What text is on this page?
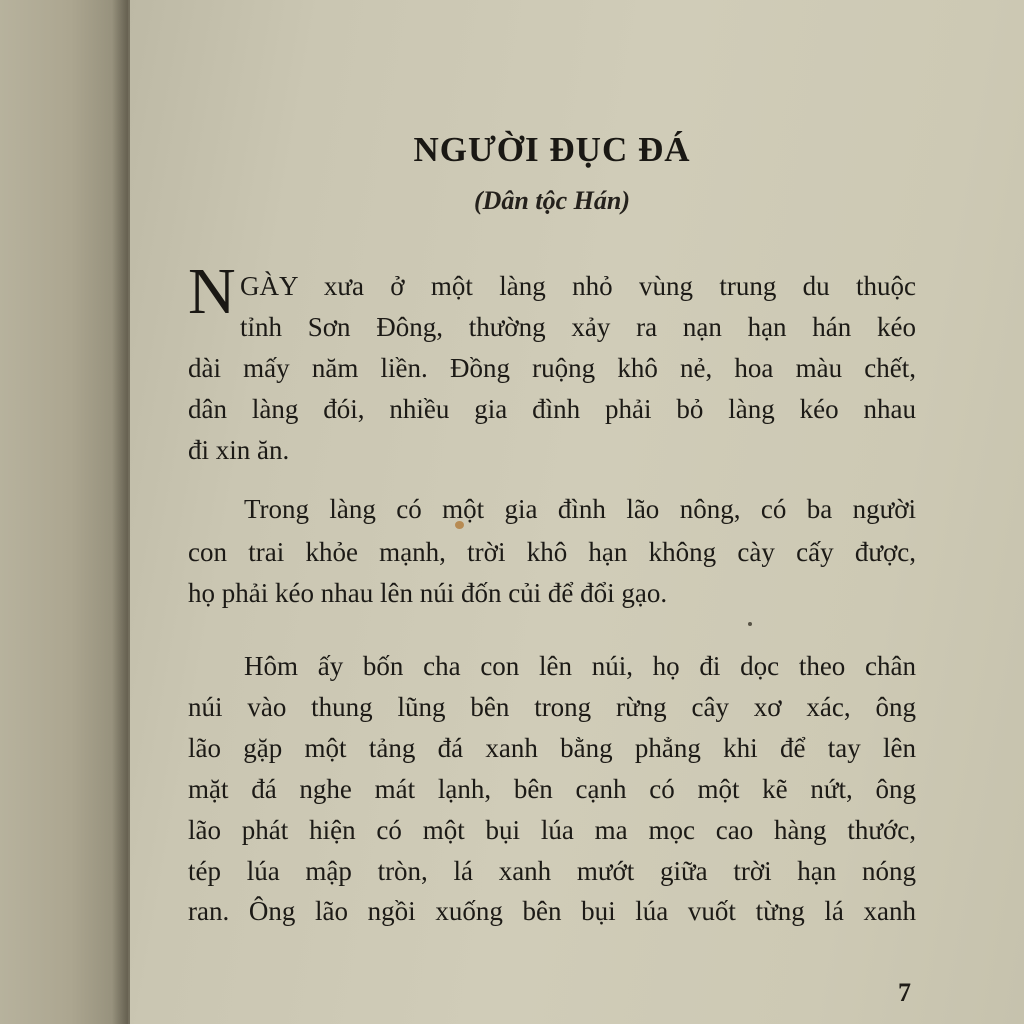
NGƯỜI ĐỤC ĐÁ
(Dân tộc Hán)
N GÀY xưa ở một làng nhỏ vùng trung du thuộc
tỉnh Sơn Đông, thường xảy ra nạn hạn hán kéo
dài mấy năm liền. Đồng ruộng khô nẻ, hoa màu chết,
dân làng đói, nhiều gia đình phải bỏ làng kéo nhau
đi xin ăn.
Trong làng có một gia đình lão nông, có ba người
con trai khỏe mạnh, trời khô hạn không cày cấy được,
họ phải kéo nhau lên núi đốn củi để đổi gạo.
Hôm ấy bốn cha con lên núi, họ đi dọc theo chân
núi vào thung lũng bên trong rừng cây xơ xác, ông
lão gặp một tảng đá xanh bằng phẳng khi để tay lên
mặt đá nghe mát lạnh, bên cạnh có một kẽ nứt, ông
lão phát hiện có một bụi lúa ma mọc cao hàng thước,
tép lúa mập tròn, lá xanh mướt giữa trời hạn nóng
ran. Ông lão ngồi xuống bên bụi lúa vuốt từng lá xanh
7
